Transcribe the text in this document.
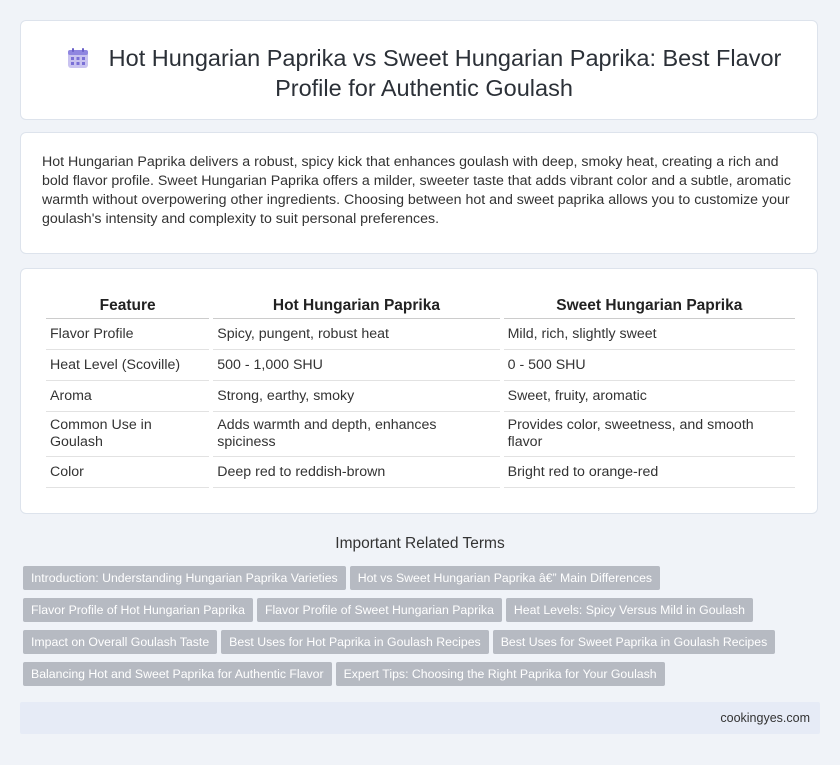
Hot Hungarian Paprika vs Sweet Hungarian Paprika: Best Flavor Profile for Authentic Goulash
Hot Hungarian Paprika delivers a robust, spicy kick that enhances goulash with deep, smoky heat, creating a rich and bold flavor profile. Sweet Hungarian Paprika offers a milder, sweeter taste that adds vibrant color and a subtle, aromatic warmth without overpowering other ingredients. Choosing between hot and sweet paprika allows you to customize your goulash's intensity and complexity to suit personal preferences.
Feature	Hot Hungarian Paprika	Sweet Hungarian Paprika
Flavor Profile	Spicy, pungent, robust heat	Mild, rich, slightly sweet
Heat Level (Scoville)	500 - 1,000 SHU	0 - 500 SHU
Aroma	Strong, earthy, smoky	Sweet, fruity, aromatic
Common Use in Goulash	Adds warmth and depth, enhances spiciness	Provides color, sweetness, and smooth flavor
Color	Deep red to reddish-brown	Bright red to orange-red
Important Related Terms
Introduction: Understanding Hungarian Paprika Varieties Hot vs Sweet Hungarian Paprika â€” Main Differences
Flavor Profile of Hot Hungarian Paprika Flavor Profile of Sweet Hungarian Paprika Heat Levels: Spicy Versus Mild in Goulash
Impact on Overall Goulash Taste Best Uses for Hot Paprika in Goulash Recipes Best Uses for Sweet Paprika in Goulash Recipes
Balancing Hot and Sweet Paprika for Authentic Flavor Expert Tips: Choosing the Right Paprika for Your Goulash
cookingyes.com
